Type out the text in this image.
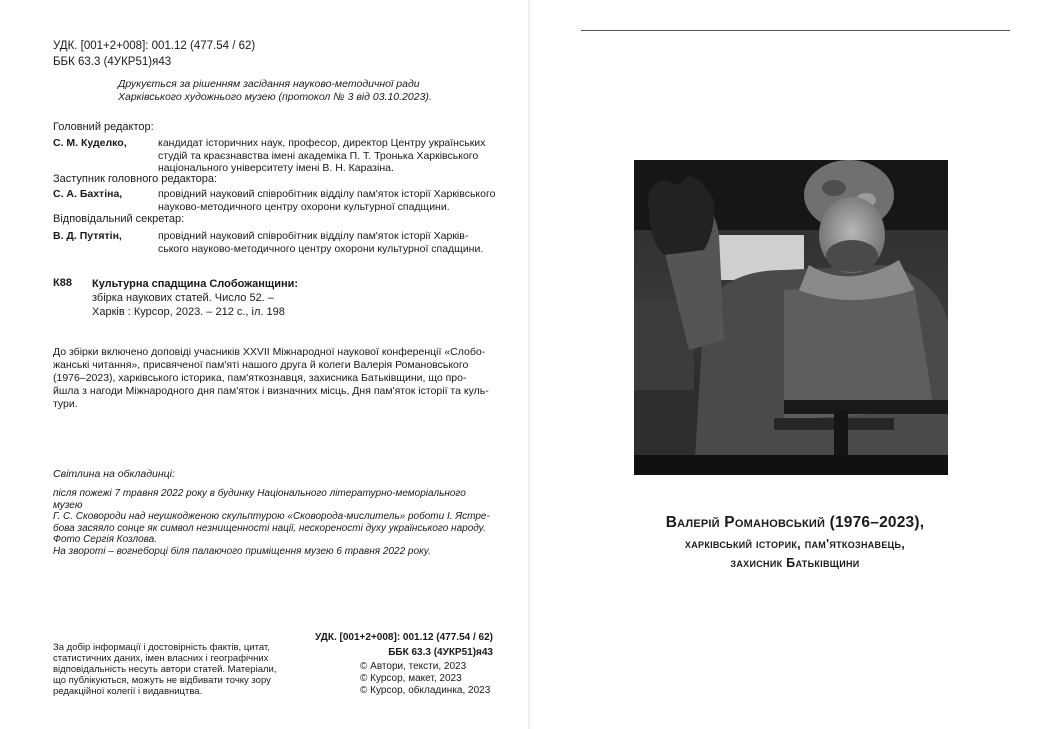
УДК. [001+2+008]: 001.12 (477.54 / 62)
ББК 63.3 (4УКР51)я43
Друкується за рішенням засідання науково-методичної ради
Харківського художнього музею (протокол № 3 від 03.10.2023).
Головний редактор:
С. М. Куделко,	кандидат історичних наук, професор, директор Центру українських
студій та краєзнавства імені академіка П. Т. Тронька Харківського
національного університету імені В. Н. Каразіна.
Заступник головного редактора:
С. А. Бахтіна,	провідний науковий співробітник відділу пам'яток історії Харківського
науково-методичного центру охорони культурної спадщини.
Відповідальний секретар:
В. Д. Путятін,	провідний науковий співробітник відділу пам'яток історії Харків-
ського науково-методичного центру охорони культурної спадщини.
К88 Культурна спадщина Слобожанщини:
збірка наукових статей. Число 52. –
Харків : Курсор, 2023. – 212 с., іл. 198
До збірки включено доповіді учасників XXVII Міжнародної наукової конференції «Слобо-
жанські читання», присвяченої пам'яті нашого друга й колеги Валерія Романовського
(1976–2023), харківського історика, пам'яткознавця, захисника Батьківщини, що про-
йшла з нагоди Міжнародного дня пам'яток і визначних місць, Дня пам'яток історії та куль-
тури.
Світлина на обкладинці:
після пожежі 7 травня 2022 року в будинку Національного літературно-меморіального музею
Г. С. Сковороди над неушкодженою скульптурою «Сковорода-мислитель» роботи І. Ястре-
бова засяяло сонце як символ незнищенності нації, нескореності духу українського народу.
Фото Сергія Козлова.
На звороті – вогнеборці біля палаючого приміщення музею 6 травня 2022 року.
За добір інформації і достовірність фактів, цитат,
статистичних даних, імен власних і географічних
відповідальність несуть автори статей. Матеріали,
що публікуються, можуть не відбивати точку зору
редакційної колегії і видавництва.
УДК. [001+2+008]: 001.12 (477.54 / 62)
ББК 63.3 (4УКР51)я43
© Автори, тексти, 2023
© Курсор, макет, 2023
© Курсор, обкладинка, 2023
Валерій Романовський (1976–2023),
харківський історик, пам'яткознавець,
захисник Батьківщини
